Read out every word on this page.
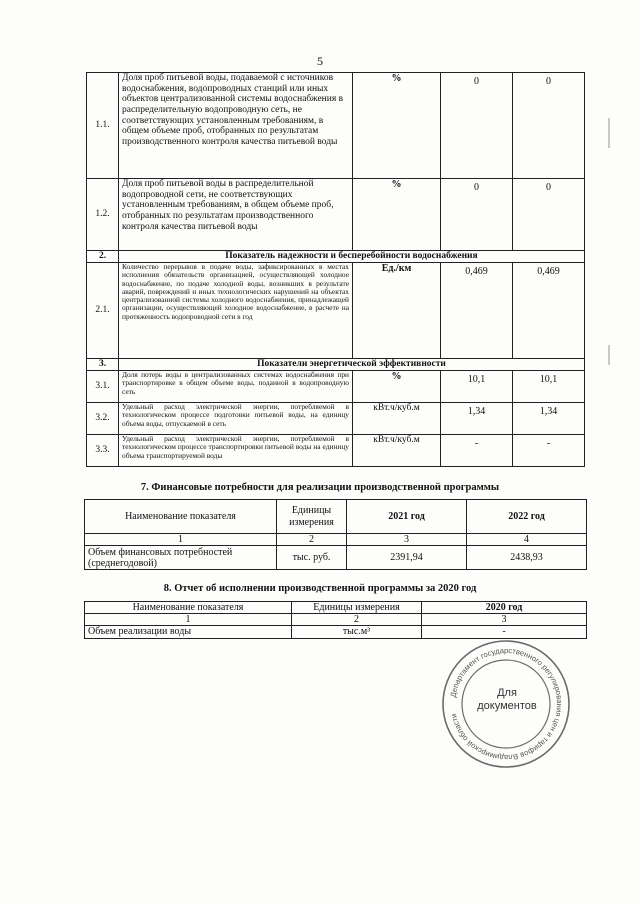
5
1.1.	Доля проб питьевой воды, подаваемой с источников водоснабжения, водопроводных станций или иных объектов централизованной системы водоснабжения в распределительную водопроводную сеть, не соответствующих установленным требованиям, в общем объеме проб, отобранных по результатам производственного контроля качества питьевой воды	%	0	0
1.2.	Доля проб питьевой воды в распределительной водопроводной сети, не соответствующих установленным требованиям, в общем объеме проб, отобранных по результатам производственного контроля качества питьевой воды	%	0	0
2.	Показатель надежности и бесперебойности водоснабжения			
2.1.	Количество перерывов в подаче воды, зафиксированных в местах исполнения обязательств организацией, осуществляющей холодное водоснабжение, по подаче холодной воды, возникших в результате аварий, повреждений и иных технологических нарушений на объектах централизованной системы холодного водоснабжения, принадлежащей организации, осуществляющей холодное водоснабжение, в расчете на протяженность водопроводной сети в год	Ед./км	0,469	0,469
3.	Показатели энергетической эффективности			
3.1.	Доля потерь воды в централизованных системах водоснабжения при транспортировке в общем объеме воды, поданной в водопроводную сеть	%	10,1	10,1
3.2.	Удельный расход электрической энергии, потребляемой в технологическом процессе подготовки питьевой воды, на единицу объема воды, отпускаемой в сеть	кВт.ч/куб.м	1,34	1,34
3.3.	Удельный расход электрической энергии, потребляемой в технологическом процессе транспортировки питьевой воды на единицу объема транспортируемой воды	кВт.ч/куб.м	-	-
7. Финансовые потребности для реализации производственной программы
Наименование показателя	Единицы измерения	2021 год	2022 год
1	2	3	4
Объем финансовых потребностей (среднегодовой)	тыс. руб.	2391,94	2438,93
8. Отчет об исполнении производственной программы за 2020 год
Наименование показателя	Единицы измерения	2020 год
1	2	3
Объем реализации воды	тыс.м³	-
Департамент государственного регулирования цен и тарифов Владимирской области
Для документов
